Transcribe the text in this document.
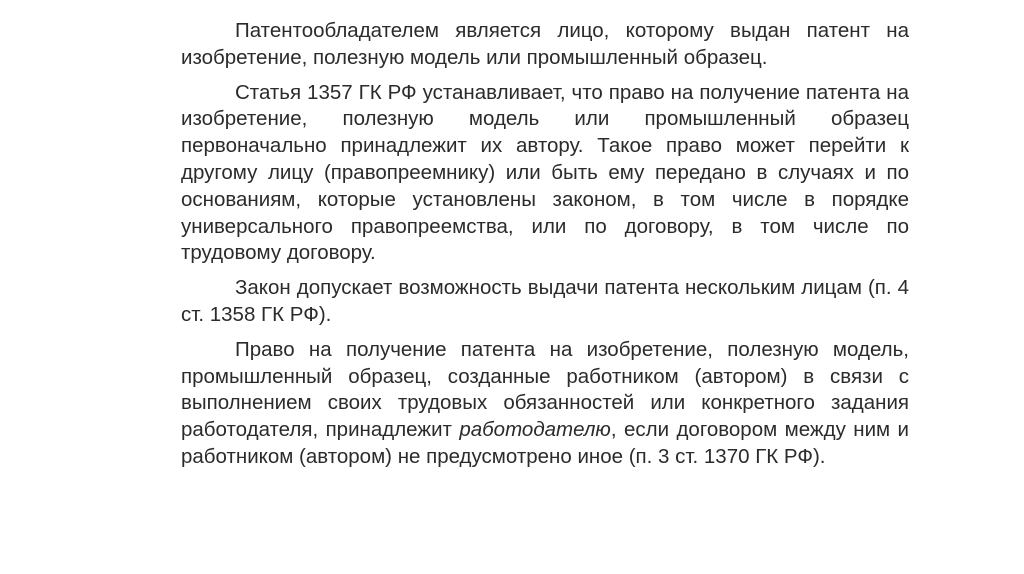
Патентообладателем является лицо, которому выдан патент на изобретение, полезную модель или промышленный образец.

Статья 1357 ГК РФ устанавливает, что право на получение патента на изобретение, полезную модель или промышленный образец первоначально принадлежит их автору. Такое право может перейти к другому лицу (правопреемнику) или быть ему передано в случаях и по основаниям, которые установлены законом, в том числе в порядке универсального правопреемства, или по договору, в том числе по трудовому договору.

Закон допускает возможность выдачи патента нескольким лицам (п. 4 ст. 1358 ГК РФ).

Право на получение патента на изобретение, полезную модель, промышленный образец, созданные работником (автором) в связи с выполнением своих трудовых обязанностей или конкретного задания работодателя, принадлежит работодателю, если договором между ним и работником (автором) не предусмотрено иное (п. 3 ст. 1370 ГК РФ).
